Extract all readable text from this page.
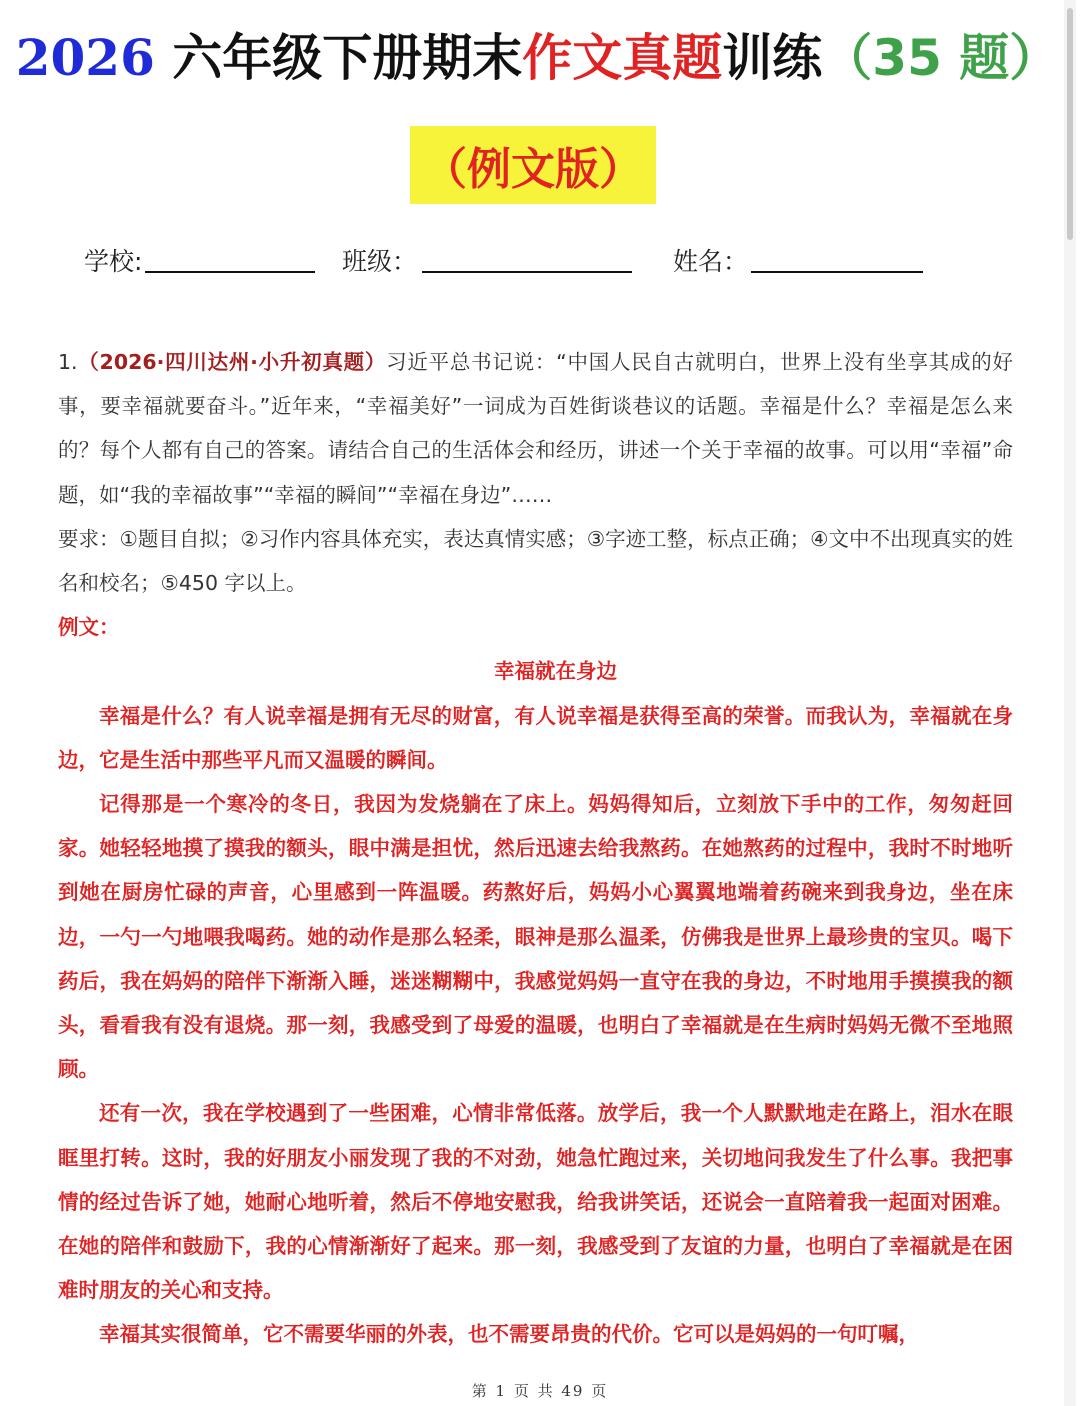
2026 六年级下册期末作文真题训练（35 题）
（例文版）
学校:	班级：	姓名：

1.（2026·四川达州·小升初真题）习近平总书记说：“中国人民自古就明白，世界上没有坐享其成的好事，要幸福就要奋斗。”近年来，“幸福美好”一词成为百姓街谈巷议的话题。幸福是什么？幸福是怎么来的？每个人都有自己的答案。请结合自己的生活体会和经历，讲述一个关于幸福的故事。可以用“幸福”命题，如“我的幸福故事”“幸福的瞬间”“幸福在身边”……

要求：①题目自拟；②习作内容具体充实，表达真情实感；③字迹工整，标点正确；④文中不出现真实的姓名和校名；⑤450 字以上。

例文：

幸福就在身边

幸福是什么？有人说幸福是拥有无尽的财富，有人说幸福是获得至高的荣誉。而我认为，幸福就在身边，它是生活中那些平凡而又温暖的瞬间。

记得那是一个寒冷的冬日，我因为发烧躺在了床上。妈妈得知后，立刻放下手中的工作，匆匆赶回家。她轻轻地摸了摸我的额头，眼中满是担忧，然后迅速去给我熬药。在她熬药的过程中，我时不时地听到她在厨房忙碌的声音，心里感到一阵温暖。药熬好后，妈妈小心翼翼地端着药碗来到我身边，坐在床边，一勺一勺地喂我喝药。她的动作是那么轻柔，眼神是那么温柔，仿佛我是世界上最珍贵的宝贝。喝下药后，我在妈妈的陪伴下渐渐入睡，迷迷糊糊中，我感觉妈妈一直守在我的身边，不时地用手摸摸我的额头，看看我有没有退烧。那一刻，我感受到了母爱的温暖，也明白了幸福就是在生病时妈妈无微不至地照顾。

还有一次，我在学校遇到了一些困难，心情非常低落。放学后，我一个人默默地走在路上，泪水在眼眶里打转。这时，我的好朋友小丽发现了我的不对劲，她急忙跑过来，关切地问我发生了什么事。我把事情的经过告诉了她，她耐心地听着，然后不停地安慰我，给我讲笑话，还说会一直陪着我一起面对困难。在她的陪伴和鼓励下，我的心情渐渐好了起来。那一刻，我感受到了友谊的力量，也明白了幸福就是在困难时朋友的关心和支持。

幸福其实很简单，它不需要华丽的外表，也不需要昂贵的代价。它可以是妈妈的一句叮嘱，

第 1 页 共 49 页
